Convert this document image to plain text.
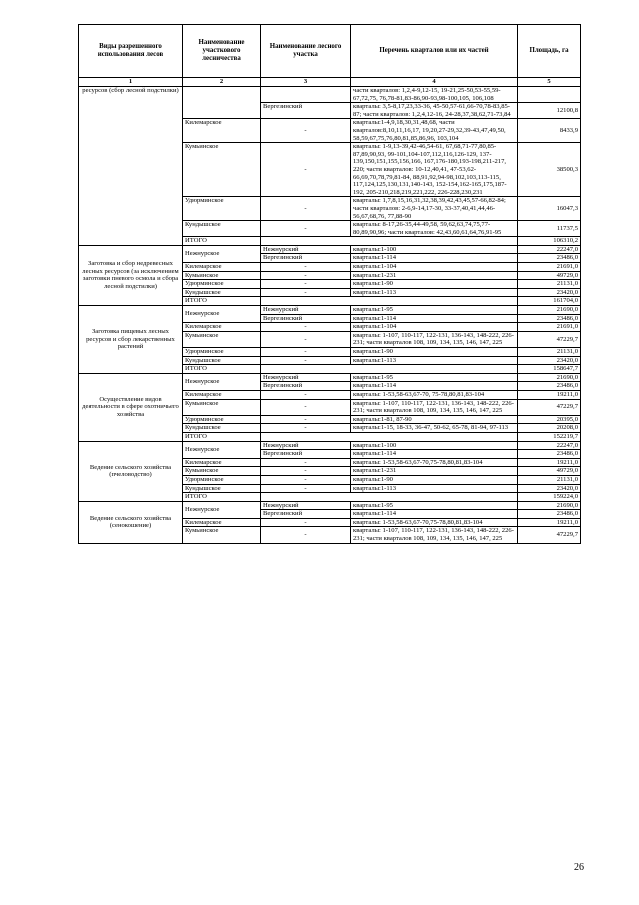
Виды разрешенного использования лесов	Наименование участкового лесничества	Наименование лесного участка	Перечень кварталов или их частей	Площадь, га
1	2	3	4	5
ресурсов (сбор лесной подстилки)			части кварталов: 1,2,4-9,12-15, 19-21,25-50,53-55,59-67,72,75, 76,78-81,83-86,90-93,98-100,105, 106,108	
		Вергезинский	кварталы: 3,5-8,17,23,33-36, 45-50,57-61,66-70,78-83,85-87; части кварталов: 1,2,4,12-16, 24-28,37,38,62,71-73,84	12100,8
	Килемарское	-	кварталы:1-4,9,18,30,31,48,68, части кварталов:8,10,11,16,17, 19,20,27-29,32,39-43,47,49,50, 58,59,67,75,76,80,81,85,86,96, 103,104	8433,9
	Кумьинское	-	кварталы: 1-9,13-39,42-46,54-61, 67,68,71-77,80,85-87,89,90,93, 99-101,104-107,112,116,126-129, 137-139,150,151,155,156,166, 167,176-180,193-198,211-217, 220; части кварталов: 10-12,40,41, 47-53,62-66,69,70,78,79,81-84, 88,91,92,94-98,102,103,113-115, 117,124,125,130,131,140-143, 152-154,162-165,175,187-192, 205-210,218,219,221,222, 226-228,230,231	38500,3
	Удюрминское	-	кварталы: 1,7,8,15,16,31,32,38,39,42,43,45,57-66,82-84; части кварталов: 2-6,9-14,17-30, 33-37,40,41,44,46-56,67,68,76, 77,88-90	16047,3
	Кундышское	-	кварталы: 8-17,26-35,44-49,58, 59,62,63,74,75,77-80,89,90,96; части кварталов: 42,43,60,61,64,76,91-95	11737,5
	ИТОГО			106310,2
Заготовка и сбор недревесных лесных ресурсов (за исключением заготовки пневого осмола и сбора лесной подстилки)	Нежнурское	Нежнурский	кварталы:1-100	22247,0
		Вергезинский	кварталы:1-114	23486,0
	Килемарское	-	кварталы:1-104	21691,0
	Кумьинское	-	кварталы:1-231	49729,0
	Удюрминское	-	кварталы:1-90	21131,0
	Кундышское	-	кварталы:1-113	23420,0
	ИТОГО			161704,0
Заготовка пищевых лесных ресурсов и сбор лекарственных растений	Нежнурское	Нежнурский	кварталы:1-95	21690,0
		Вергезинский	кварталы:1-114	23486,0
	Килемарское	-	кварталы:1-104	21691,0
	Кумьинское	-	кварталы: 1-107, 110-117, 122-131, 136-143, 148-222, 226-231; части кварталов 108, 109, 134, 135, 146, 147, 225	47229,7
	Удюрминское	-	кварталы:1-90	21131,0
	Кундышское	-	кварталы:1-113	23420,0
	ИТОГО			158647,7
Осуществление видов деятельности в сфере охотничьего хозяйства	Нежнурское	Нежнурский	кварталы:1-95	21690,0
		Вергезинский	кварталы:1-114	23486,0
	Килемарское	-	кварталы: 1-53,58-63,67-70, 75-78,80,81,83-104	19211,0
	Кумьинское	-	кварталы: 1-107, 110-117, 122-131, 136-143, 148-222, 226-231; части кварталов 108, 109, 134, 135, 146, 147, 225	47229,7
	Удюрминское	-	кварталы:1-81, 87-90	20395,0
	Кундышское	-	кварталы:1-15, 18-33, 36-47, 50-62, 65-78, 81-94, 97-113	20208,0
	ИТОГО			152219,7
Ведение сельского хозяйства (пчеловодство)	Нежнурское	Нежнурский	кварталы:1-100	22247,0
		Вергезинский	кварталы:1-114	23486,0
	Килемарское	-	кварталы: 1-53,58-63,67-70,75-78,80,81,83-104	19211,0
	Кумьинское	-	кварталы:1-231	49729,0
	Удюрминское	-	кварталы:1-90	21131,0
	Кундышское	-	кварталы:1-113	23420,0
	ИТОГО			159224,0
Ведение сельского хозяйства (сенокошение)	Нежнурское	Нежнурский	кварталы:1-95	21690,0
		Вергезинский	кварталы:1-114	23486,0
	Килемарское	-	кварталы: 1-53,58-63,67-70,75-78,80,81,83-104	19211,0
	Кумьинское	-	кварталы: 1-107, 110-117, 122-131, 136-143, 148-222, 226-231; части кварталов 108, 109, 134, 135, 146, 147, 225	47229,7
26
